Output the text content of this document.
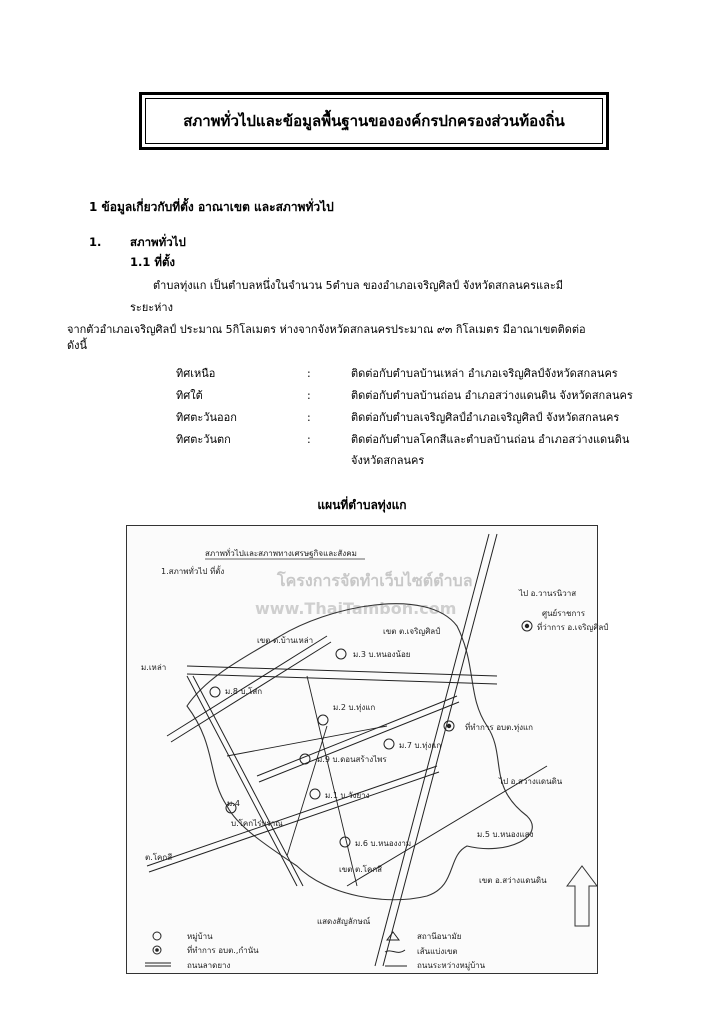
สภาพทั่วไปและข้อมูลพื้นฐานขององค์กรปกครองส่วนท้องถิ่น
1 ข้อมูลเกี่ยวกับที่ตั้ง อาณาเขต และสภาพทั่วไป
1. สภาพทั่วไป
1.1 ที่ตั้ง
ตำบลทุ่งแก เป็นตำบลหนึ่งในจำนวน 5ตำบล ของอำเภอเจริญศิลป์ จังหวัดสกลนครและมี
ระยะห่าง
จากตัวอำเภอเจริญศิลป์ ประมาณ 5กิโลเมตร ห่างจากจังหวัดสกลนครประมาณ ๙๓ กิโลเมตร มีอาณาเขตติดต่อ
ดังนี้
ทิศเหนือ	:	ติดต่อกับตำบลบ้านเหล่า อำเภอเจริญศิลป์จังหวัดสกลนคร
ทิศใต้	:	ติดต่อกับตำบลบ้านถ่อน อำเภอสว่างแดนดิน จังหวัดสกลนคร
ทิศตะวันออก	:	ติดต่อกับตำบลเจริญศิลป์อำเภอเจริญศิลป์ จังหวัดสกลนคร
ทิศตะวันตก	:	ติดต่อกับตำบลโคกสีและตำบลบ้านถ่อน อำเภอสว่างแดนดิน
จังหวัดสกลนคร
แผนที่ตำบลทุ่งแก
โครงการจัดทำเว็บไซต์ตำบล
www.ThaiTambon.com
สภาพทั่วไปและสภาพทางเศรษฐกิจและสังคม
1.สภาพทั่วไป ที่ตั้ง
ไป อ.วานรนิวาส
ศูนย์ราชการ
ที่ว่าการ อ.เจริญศิลป์
เขต ต.บ้านเหล่า
เขต ต.เจริญศิลป์
ม.3 บ.หนองน้อย
ม.8 บ.โสก
ม.2 บ.ทุ่งแก
ที่ทำการ อบต.ทุ่งแก
ม.7 บ.ทุ่งแก
ม.9 บ.ดอนสร้างไพร
ม.1 บ.วังยาง
ไป อ.สว่างแดนดิน
ม.4
บ.โคกไร่บราณ
ม.6 บ.หนองงาม
ม.5 บ.หนองแสง
ต.โคกสี
เขต ต.โคกสี
เขต อ.สว่างแดนดิน
ม.เหล่า
แสดงสัญลักษณ์
หมู่บ้าน
ที่ทำการ อบต.,กำนัน
ถนนลาดยาง
สถานีอนามัย
เส้นแบ่งเขต
ถนนระหว่างหมู่บ้าน
